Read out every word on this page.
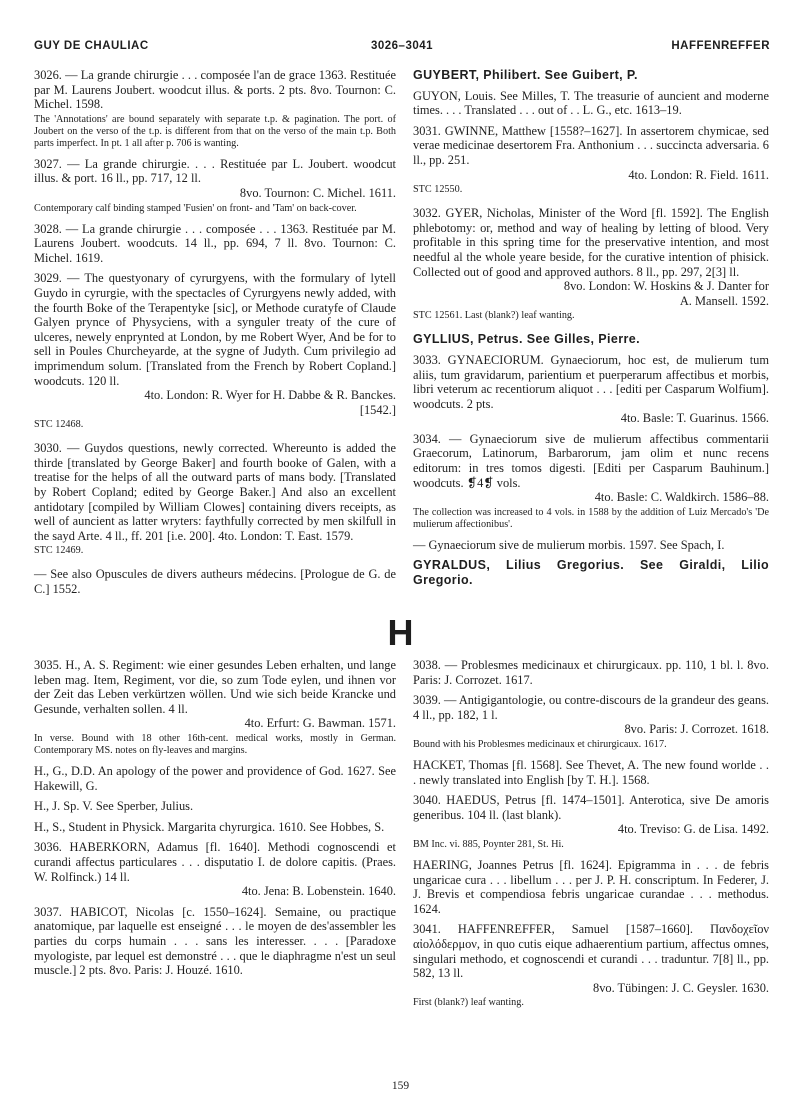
GUY DE CHAULIAC	3026–3041	HAFFENREFFER
3026. — La grande chirurgie . . . composée l'an de grace 1363. Restituée par M. Laurens Joubert. woodcut illus. & ports. 2 pts. 8vo. Tournon: C. Michel. 1598.
The 'Annotations' are bound separately with separate t.p. & pagination. The port. of Joubert on the verso of the t.p. is different from that on the verso of the main t.p. Both parts imperfect. In pt. 1 all after p. 706 is wanting.
3027. — La grande chirurgie. . . . Restituée par L. Joubert. woodcut illus. & port. 16 ll., pp. 717, 12 ll.
8vo. Tournon: C. Michel. 1611.
Contemporary calf binding stamped 'Fusien' on front- and 'Tam' on back-cover.
3028. — La grande chirurgie . . . composée . . . 1363. Restituée par M. Laurens Joubert. woodcuts. 14 ll., pp. 694, 7 ll. 8vo. Tournon: C. Michel. 1619.
3029. — The questyonary of cyrurgyens, with the formulary of lytell Guydo in cyrurgie, with the spectacles of Cyrurgyens newly added, with the fourth Boke of the Terapentyke [sic], or Methode curatyfe of Claude Galyen prynce of Physyciens, with a synguler treaty of the cure of ulceres, newely enprynted at London, by me Robert Wyer, And be for to sell in Poules Churcheyarde, at the sygne of Judyth. Cum privilegio ad imprimendum solum. [Translated from the French by Robert Copland.] woodcuts. 120 ll.
4to. London: R. Wyer for H. Dabbe & R. Banckes.
[1542.]
STC 12468.
3030. — Guydos questions, newly corrected. Whereunto is added the thirde [translated by George Baker] and fourth booke of Galen, with a treatise for the helps of all the outward parts of mans body. [Translated by Robert Copland; edited by George Baker.] And also an excellent antidotary [compiled by William Clowes] containing divers receipts, as well of auncient as latter wryters: faythfully corrected by men skilfull in the sayd Arte. 4 ll., ff. 201 [i.e. 200]. 4to. London: T. East. 1579.
STC 12469.
— See also Opuscules de divers autheurs médecins. [Prologue de G. de C.] 1552.
GUYBERT, Philibert. See Guibert, P.
GUYON, Louis. See Milles, T. The treasurie of auncient and moderne times. . . . Translated . . . out of . . L. G., etc. 1613–19.
3031. GWINNE, Matthew [1558?–1627]. In assertorem chymicae, sed verae medicinae desertorem Fra. Anthonium . . . succincta adversaria. 6 ll., pp. 251.
4to. London: R. Field. 1611.
STC 12550.
3032. GYER, Nicholas, Minister of the Word [fl. 1592]. The English phlebotomy: or, method and way of healing by letting of blood. Very profitable in this spring time for the preservative intention, and most needful al the whole yeare beside, for the curative intention of phisick. Collected out of good and approved authors. 8 ll., pp. 297, 2[3] ll.
8vo. London: W. Hoskins & J. Danter for
A. Mansell. 1592.
STC 12561. Last (blank?) leaf wanting.
GYLLIUS, Petrus. See Gilles, Pierre.
3033. GYNAECIORUM. Gynaeciorum, hoc est, de mulierum tum aliis, tum gravidarum, parientium et puerperarum affectibus et morbis, libri veterum ac recentiorum aliquot . . . [editi per Casparum Wolfium]. woodcuts. 2 pts.
4to. Basle: T. Guarinus. 1566.
3034. — Gynaeciorum sive de mulierum affectibus commentarii Graecorum, Latinorum, Barbarorum, jam olim et nunc recens editorum: in tres tomos digesti. [Editi per Casparum Bauhinum.] woodcuts. ❡4❡ vols.
4to. Basle: C. Waldkirch. 1586–88.
The collection was increased to 4 vols. in 1588 by the addition of Luiz Mercado's 'De mulierum affectionibus'.
— Gynaeciorum sive de mulierum morbis. 1597. See Spach, I.
GYRALDUS, Lilius Gregorius. See Giraldi, Lilio Gregorio.
H
3035. H., A. S. Regiment: wie einer gesundes Leben erhalten, und lange leben mag. Item, Regiment, vor die, so zum Tode eylen, und ihnen vor der Zeit das Leben verkürtzen wöllen. Und wie sich beide Krancke und Gesunde, verhalten sollen. 4 ll.
4to. Erfurt: G. Bawman. 1571.
In verse. Bound with 18 other 16th-cent. medical works, mostly in German. Contemporary MS. notes on fly-leaves and margins.
H., G., D.D. An apology of the power and providence of God. 1627. See Hakewill, G.
H., J. Sp. V. See Sperber, Julius.
H., S., Student in Physick. Margarita chyrurgica. 1610. See Hobbes, S.
3036. HABERKORN, Adamus [fl. 1640]. Methodi cognoscendi et curandi affectus particulares . . . disputatio I. de dolore capitis. (Praes. W. Rolfinck.) 14 ll.
4to. Jena: B. Lobenstein. 1640.
3037. HABICOT, Nicolas [c. 1550–1624]. Semaine, ou practique anatomique, par laquelle est enseigné . . . le moyen de des'assembler les parties du corps humain . . . sans les interesser. . . . [Paradoxe myologiste, par lequel est demonstré . . . que le diaphragme n'est un seul muscle.] 2 pts. 8vo. Paris: J. Houzé. 1610.
3038. — Problesmes medicinaux et chirurgicaux. pp. 110, 1 bl. l. 8vo. Paris: J. Corrozet. 1617.
3039. — Antigigantologie, ou contre-discours de la grandeur des geans. 4 ll., pp. 182, 1 l.
8vo. Paris: J. Corrozet. 1618.
Bound with his Problesmes medicinaux et chirurgicaux. 1617.
HACKET, Thomas [fl. 1568]. See Thevet, A. The new found worlde . . . newly translated into English [by T. H.]. 1568.
3040. HAEDUS, Petrus [fl. 1474–1501]. Anterotica, sive De amoris generibus. 104 ll. (last blank).
4to. Treviso: G. de Lisa. 1492.
BM Inc. vi. 885, Poynter 281, St. Hi.
HAERING, Joannes Petrus [fl. 1624]. Epigramma in . . . de febris ungaricae cura . . . libellum . . . per J. P. H. conscriptum. In Federer, J. J. Brevis et compendiosa febris ungaricae curandae . . . methodus. 1624.
3041. HAFFENREFFER, Samuel [1587–1660]. Πανδοχεῖον αἰολόδερμον, in quo cutis eique adhaerentium partium, affectus omnes, singulari methodo, et cognoscendi et curandi . . . traduntur. 7[8] ll., pp. 582, 13 ll.
8vo. Tübingen: J. C. Geysler. 1630.
First (blank?) leaf wanting.
159
